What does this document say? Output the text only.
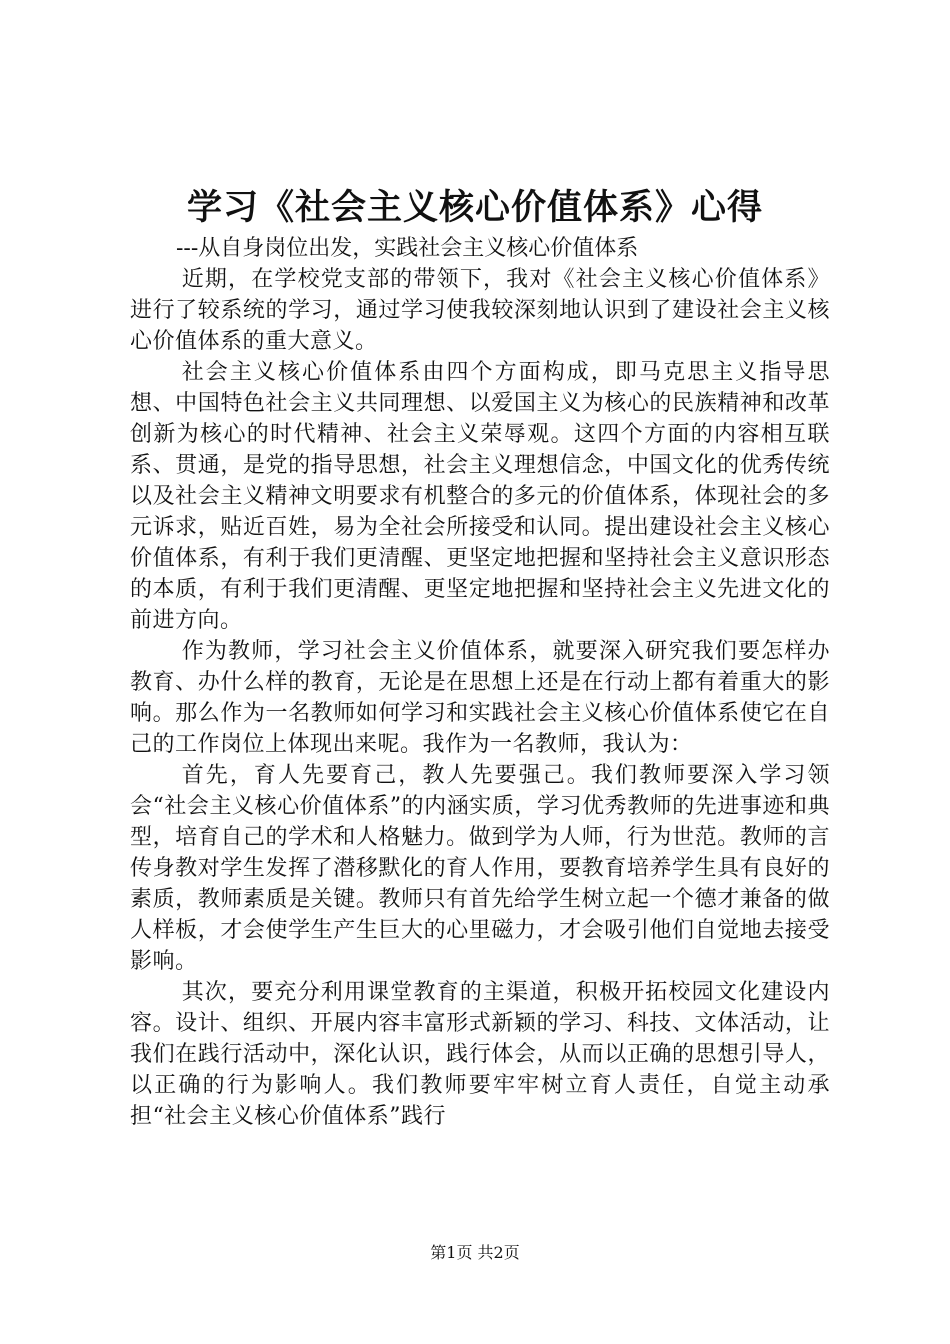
学习《社会主义核心价值体系》心得

---从自身岗位出发，实践社会主义核心价值体系

近期，在学校党支部的带领下，我对《社会主义核心价值体系》进行了较系统的学习，通过学习使我较深刻地认识到了建设社会主义核心价值体系的重大意义。

社会主义核心价值体系由四个方面构成，即马克思主义指导思想、中国特色社会主义共同理想、以爱国主义为核心的民族精神和改革创新为核心的时代精神、社会主义荣辱观。这四个方面的内容相互联系、贯通，是党的指导思想，社会主义理想信念，中国文化的优秀传统以及社会主义精神文明要求有机整合的多元的价值体系，体现社会的多元诉求，贴近百姓，易为全社会所接受和认同。提出建设社会主义核心价值体系，有利于我们更清醒、更坚定地把握和坚持社会主义意识形态的本质，有利于我们更清醒、更坚定地把握和坚持社会主义先进文化的前进方向。

作为教师，学习社会主义价值体系，就要深入研究我们要怎样办教育、办什么样的教育，无论是在思想上还是在行动上都有着重大的影响。那么作为一名教师如何学习和实践社会主义核心价值体系使它在自己的工作岗位上体现出来呢。我作为一名教师，我认为：

首先，育人先要育己，教人先要强己。我们教师要深入学习领会“社会主义核心价值体系”的内涵实质，学习优秀教师的先进事迹和典型，培育自己的学术和人格魅力。做到学为人师，行为世范。教师的言传身教对学生发挥了潜移默化的育人作用，要教育培养学生具有良好的素质，教师素质是关键。教师只有首先给学生树立起一个德才兼备的做人样板，才会使学生产生巨大的心里磁力，才会吸引他们自觉地去接受影响。

其次，要充分利用课堂教育的主渠道，积极开拓校园文化建设内容。设计、组织、开展内容丰富形式新颖的学习、科技、文体活动，让我们在践行活动中，深化认识，践行体会，从而以正确的思想引导人，以正确的行为影响人。我们教师要牢牢树立育人责任，自觉主动承担“社会主义核心价值体系”践行

第1页 共2页
